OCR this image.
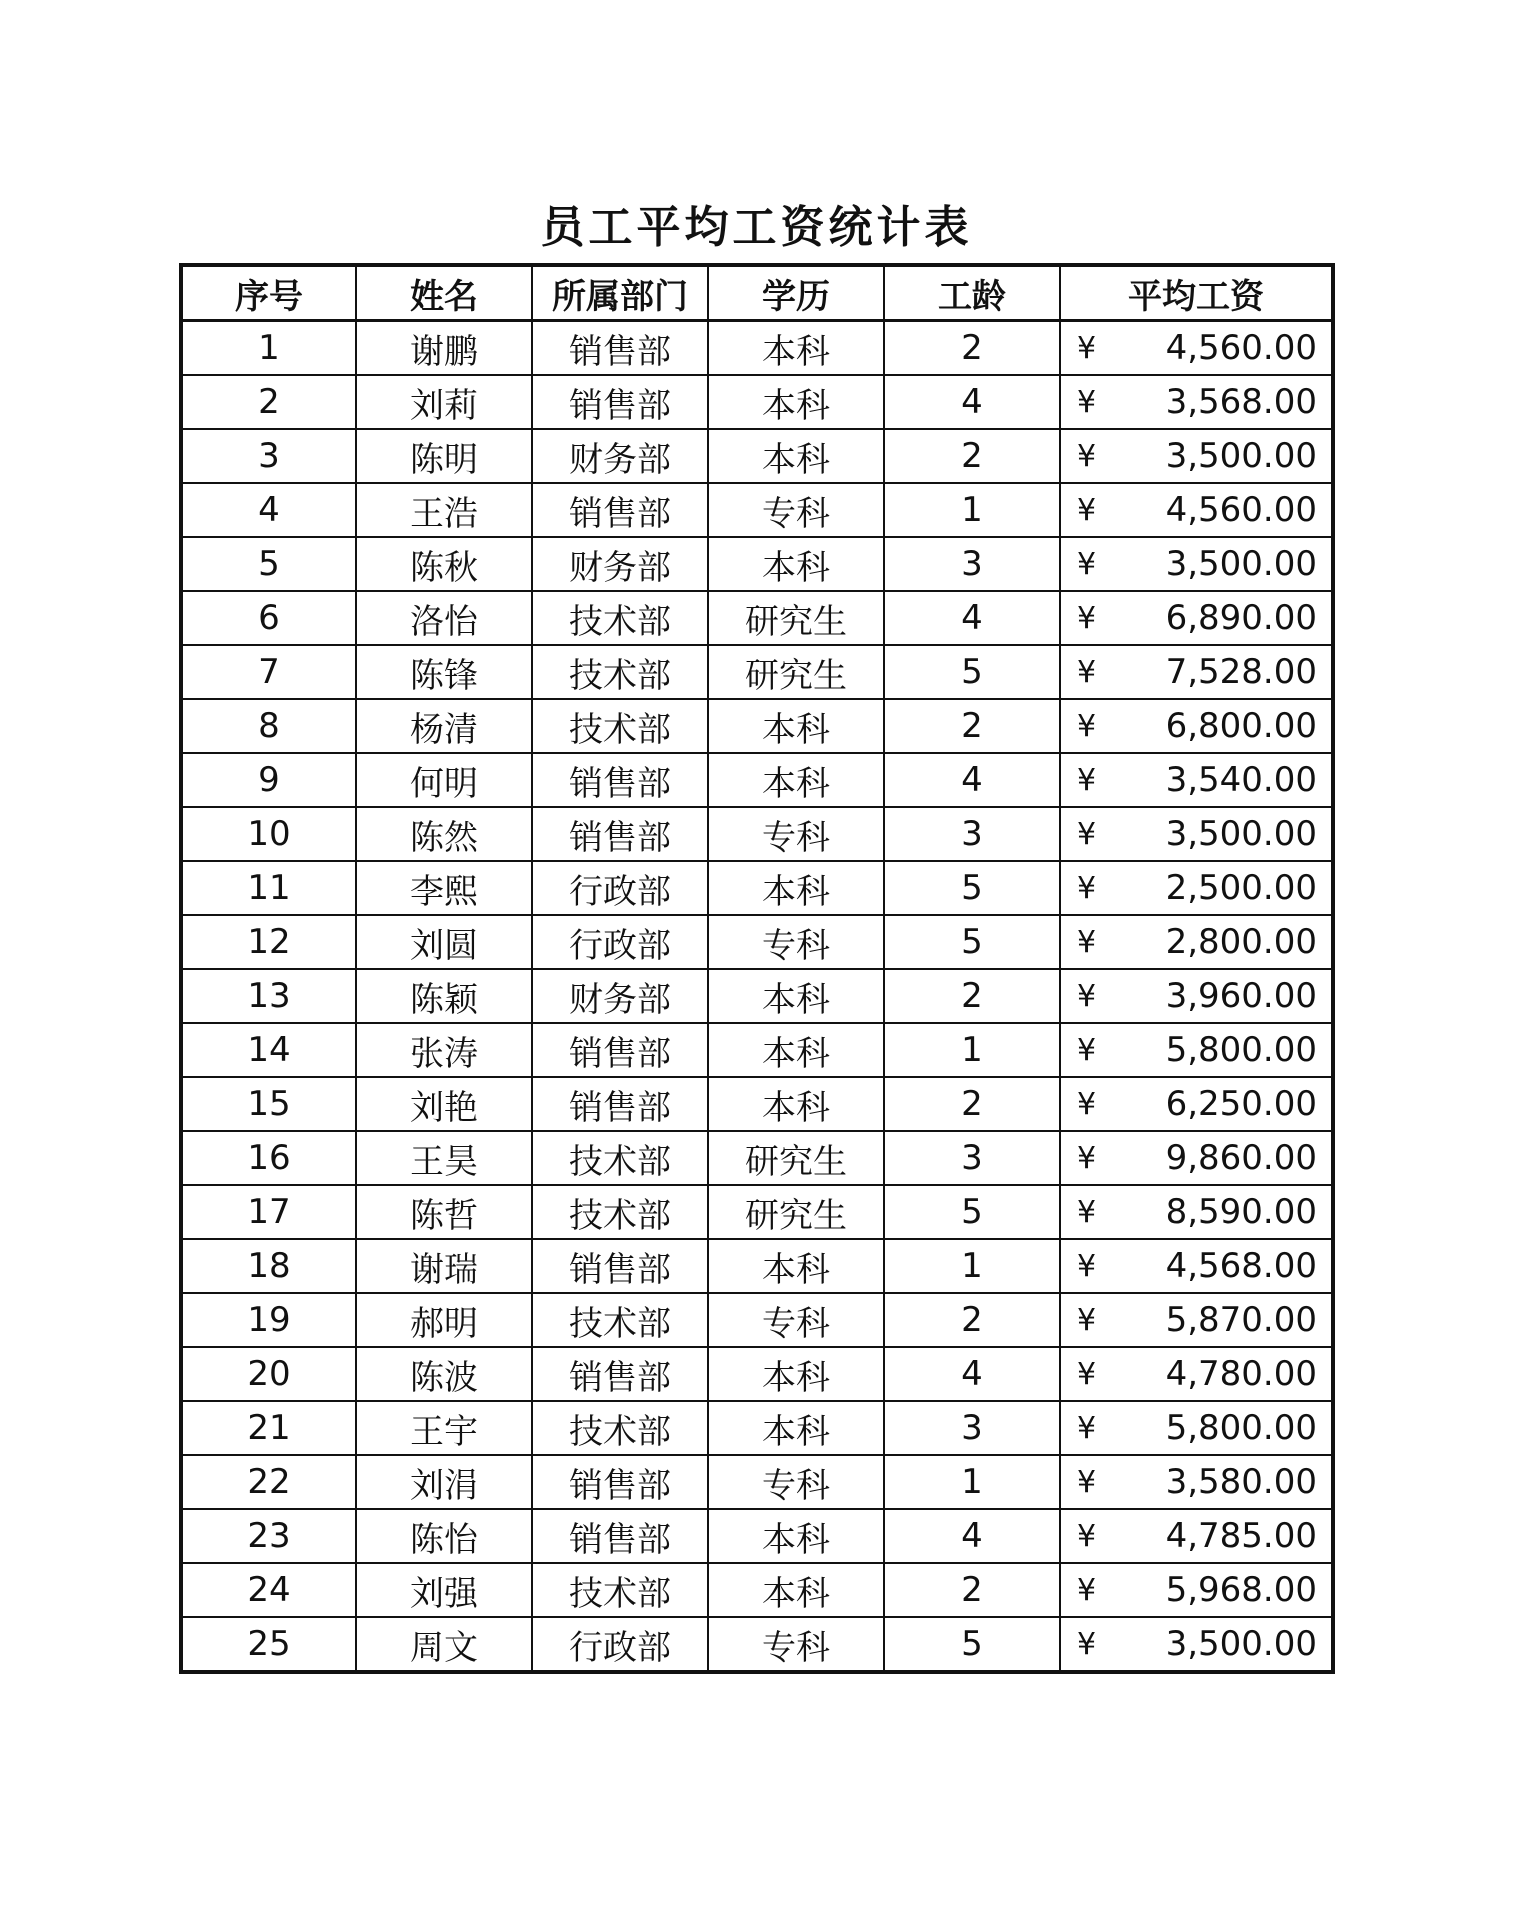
员工平均工资统计表
序号	姓名	所属部门	学历	工龄	平均工资
1	谢鹏	销售部	本科	2	¥ 4,560.00

2	刘莉	销售部	本科	4	¥ 3,568.00

3	陈明	财务部	本科	2	¥ 3,500.00

4	王浩	销售部	专科	1	¥ 4,560.00

5	陈秋	财务部	本科	3	¥ 3,500.00

6	洛怡	技术部	研究生	4	¥ 6,890.00

7	陈锋	技术部	研究生	5	¥ 7,528.00

8	杨清	技术部	本科	2	¥ 6,800.00

9	何明	销售部	本科	4	¥ 3,540.00

10	陈然	销售部	专科	3	¥ 3,500.00

11	李熙	行政部	本科	5	¥ 2,500.00

12	刘圆	行政部	专科	5	¥ 2,800.00

13	陈颖	财务部	本科	2	¥ 3,960.00

14	张涛	销售部	本科	1	¥ 5,800.00

15	刘艳	销售部	本科	2	¥ 6,250.00

16	王昊	技术部	研究生	3	¥ 9,860.00

17	陈哲	技术部	研究生	5	¥ 8,590.00

18	谢瑞	销售部	本科	1	¥ 4,568.00

19	郝明	技术部	专科	2	¥ 5,870.00

20	陈波	销售部	本科	4	¥ 4,780.00

21	王宇	技术部	本科	3	¥ 5,800.00

22	刘涓	销售部	专科	1	¥ 3,580.00

23	陈怡	销售部	本科	4	¥ 4,785.00

24	刘强	技术部	本科	2	¥ 5,968.00

25	周文	行政部	专科	5	¥ 3,500.00
